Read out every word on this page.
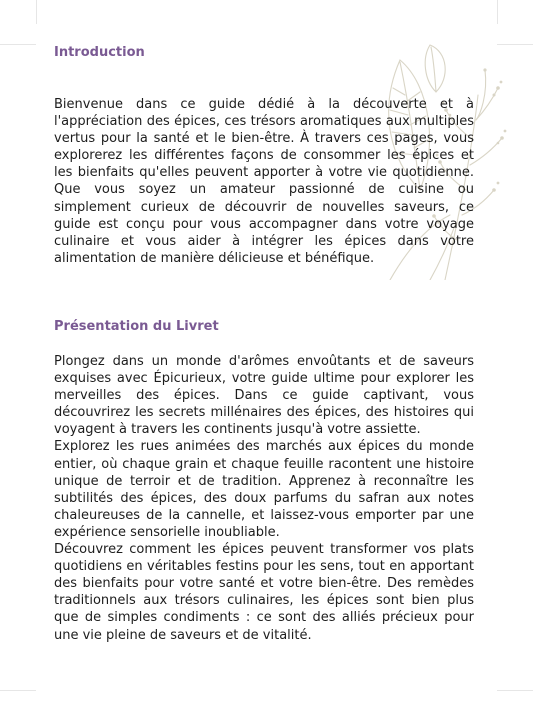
Introduction

Bienvenue dans ce guide dédié à la découverte et à l'appréciation des épices, ces trésors aromatiques aux multiples vertus pour la santé et le bien-être. À travers ces pages, vous explorerez les différentes façons de consommer les épices et les bienfaits qu'elles peuvent apporter à votre vie quotidienne. Que vous soyez un amateur passionné de cuisine ou simplement curieux de découvrir de nouvelles saveurs, ce guide est conçu pour vous accompagner dans votre voyage culinaire et vous aider à intégrer les épices dans votre alimentation de manière délicieuse et bénéfique.

Présentation du Livret

Plongez dans un monde d'arômes envoûtants et de saveurs exquises avec Épicurieux, votre guide ultime pour explorer les merveilles des épices. Dans ce guide captivant, vous découvrirez les secrets millénaires des épices, des histoires qui voyagent à travers les continents jusqu'à votre assiette.

Explorez les rues animées des marchés aux épices du monde entier, où chaque grain et chaque feuille racontent une histoire unique de terroir et de tradition. Apprenez à reconnaître les subtilités des épices, des doux parfums du safran aux notes chaleureuses de la cannelle, et laissez-vous emporter par une expérience sensorielle inoubliable.

Découvrez comment les épices peuvent transformer vos plats quotidiens en véritables festins pour les sens, tout en apportant des bienfaits pour votre santé et votre bien-être. Des remèdes traditionnels aux trésors culinaires, les épices sont bien plus que de simples condiments : ce sont des alliés précieux pour une vie pleine de saveurs et de vitalité.
